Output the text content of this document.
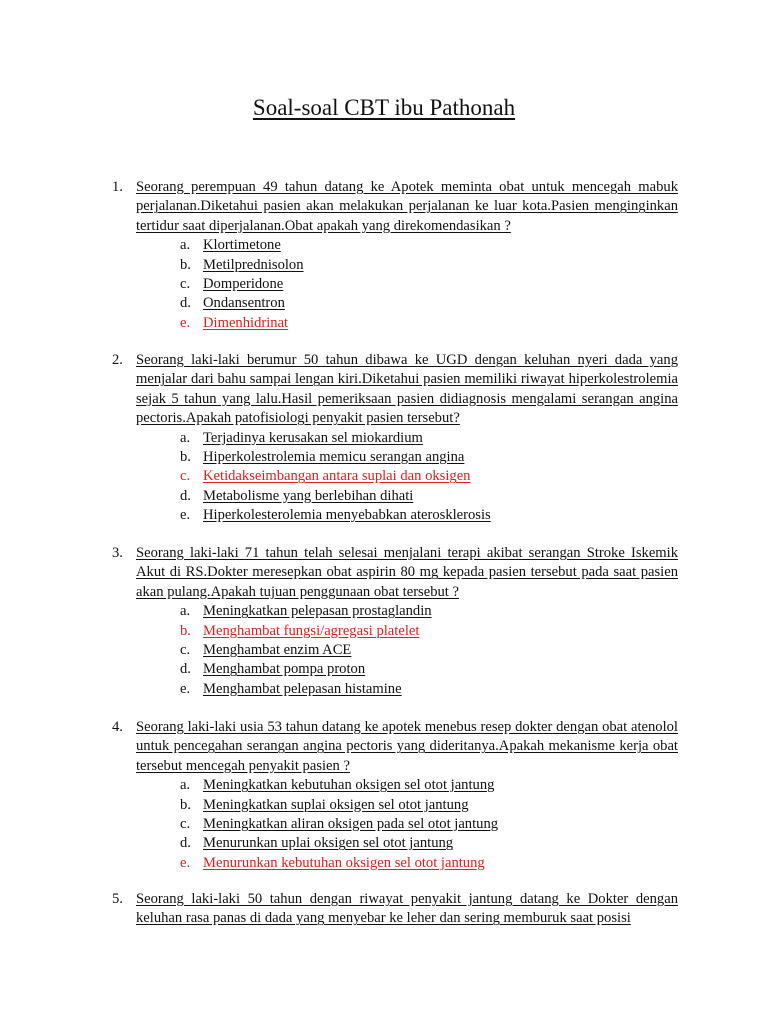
Soal-soal CBT ibu Pathonah
1. Seorang perempuan 49 tahun datang ke Apotek meminta obat untuk mencegah mabuk perjalanan.Diketahui pasien akan melakukan perjalanan ke luar kota.Pasien menginginkan tertidur saat diperjalanan.Obat apakah yang direkomendasikan ?
a. Klortimetone
b. Metilprednisolon
c. Domperidone
d. Ondansentron
e. Dimenhidrinat
2. Seorang laki-laki berumur 50 tahun dibawa ke UGD dengan keluhan nyeri dada yang menjalar dari bahu sampai lengan kiri.Diketahui pasien memiliki riwayat hiperkolestrolemia sejak 5 tahun yang lalu.Hasil pemeriksaan pasien didiagnosis mengalami serangan angina pectoris.Apakah patofisiologi penyakit pasien tersebut?
a. Terjadinya kerusakan sel miokardium
b. Hiperkolestrolemia memicu serangan angina
c. Ketidakseimbangan antara suplai dan oksigen
d. Metabolisme yang berlebihan dihati
e. Hiperkolesterolemia menyebabkan aterosklerosis
3. Seorang laki-laki 71 tahun telah selesai menjalani terapi akibat serangan Stroke Iskemik Akut di RS.Dokter meresepkan obat aspirin 80 mg kepada pasien tersebut pada saat pasien akan pulang.Apakah tujuan penggunaan obat tersebut ?
a. Meningkatkan pelepasan prostaglandin
b. Menghambat fungsi/agregasi platelet
c. Menghambat enzim ACE
d. Menghambat pompa proton
e. Menghambat pelepasan histamine
4. Seorang laki-laki usia 53 tahun datang ke apotek menebus resep dokter dengan obat atenolol untuk pencegahan serangan angina pectoris yang dideritanya.Apakah mekanisme kerja obat tersebut mencegah penyakit pasien ?
a. Meningkatkan kebutuhan oksigen sel otot jantung
b. Meningkatkan suplai oksigen sel otot jantung
c. Meningkatkan aliran oksigen pada sel otot jantung
d. Menurunkan uplai oksigen sel otot jantung
e. Menurunkan kebutuhan oksigen sel otot jantung
5. Seorang laki-laki 50 tahun dengan riwayat penyakit jantung datang ke Dokter dengan keluhan rasa panas di dada yang menyebar ke leher dan sering memburuk saat posisi
